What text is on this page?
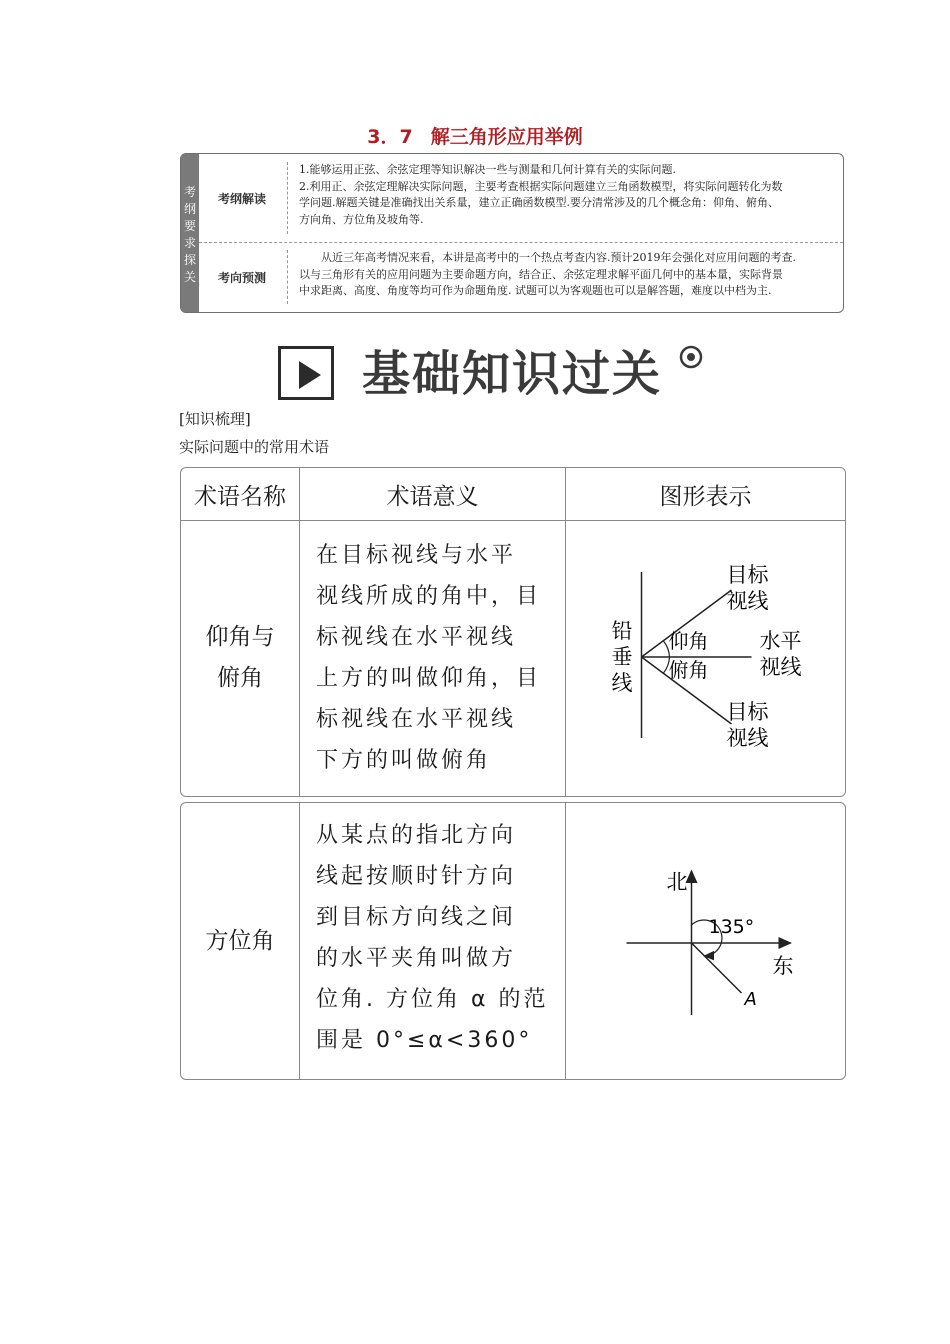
3．7 解三角形应用举例
考纲要求探关
考纲解读

1.能够运用正弦、余弦定理等知识解决一些与测量和几何计算有关的实际问题.

2.利用正、余弦定理解决实际问题，主要考查根据实际问题建立三角函数模型，将实际问题转化为数

学问题.解题关键是准确找出关系量，建立正确函数模型.要分清常涉及的几个概念角：仰角、俯角、

方向角、方位角及坡角等.

考向预测

从近三年高考情况来看，本讲是高考中的一个热点考查内容.预计2019年会强化对应用问题的考查.

以与三角形有关的应用问题为主要命题方向，结合正、余弦定理求解平面几何中的基本量，实际背景

中求距离、高度、角度等均可作为命题角度. 试题可以为客观题也可以是解答题，难度以中档为主.

基础知识过关
[知识梳理]
实际问题中的常用术语
术语名称	术语意义	图形表示
仰角与
俯角
在目标视线与水平
视线所成的角中，目
标视线在水平视线
上方的叫做仰角，目
标视线在水平视线
下方的叫做俯角
铅
垂
线
目标
视线
水平
视线
目标
视线
仰角
俯角
方位角
从某点的指北方向
线起按顺时针方向
到目标方向线之间
的水平夹角叫做方
位角. 方位角 α 的范
围是 0°≤α<360°
北
东
135°
A
